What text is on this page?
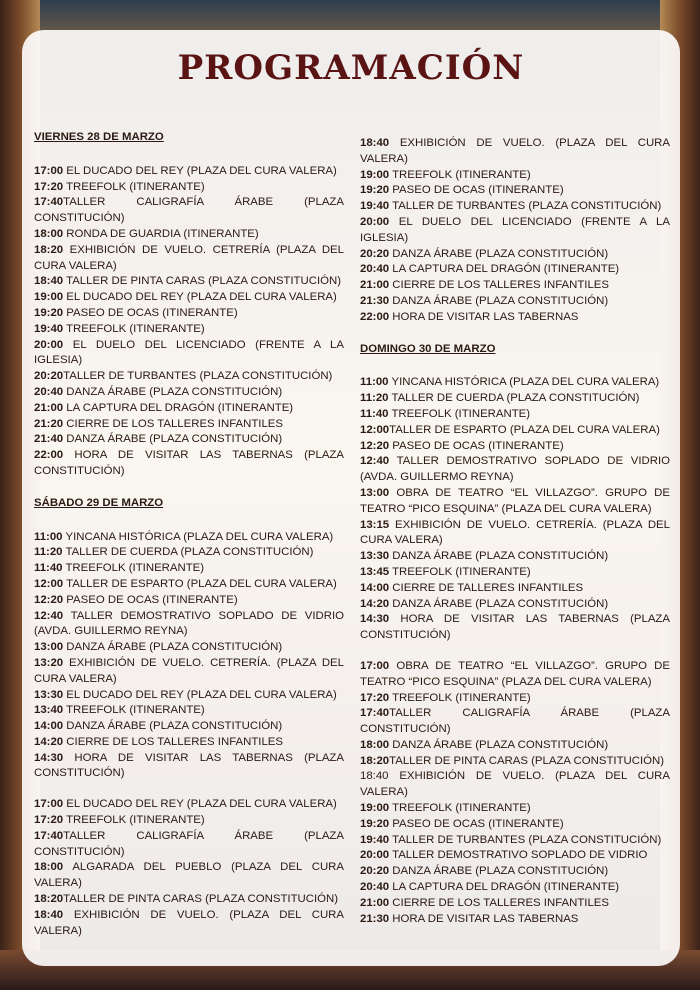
PROGRAMACIÓN
VIERNES 28 DE MARZO

17:00 EL DUCADO DEL REY (PLAZA DEL CURA VALERA)

17:20 TREEFOLK (ITINERANTE)

17:40TALLER CALIGRAFÍA ÁRABE (PLAZA CONSTITUCIÓN)

18:00 RONDA DE GUARDIA (ITINERANTE)

18:20 EXHIBICIÓN DE VUELO. CETRERÍA (PLAZA DEL CURA VALERA)

18:40 TALLER DE PINTA CARAS (PLAZA CONSTITUCIÓN)

19:00 EL DUCADO DEL REY (PLAZA DEL CURA VALERA)

19:20 PASEO DE OCAS (ITINERANTE)

19:40 TREEFOLK (ITINERANTE)

20:00 EL DUELO DEL LICENCIADO (FRENTE A LA IGLESIA)

20:20TALLER DE TURBANTES (PLAZA CONSTITUCIÓN)

20:40 DANZA ÁRABE (PLAZA CONSTITUCIÓN)

21:00 LA CAPTURA DEL DRAGÓN (ITINERANTE)

21:20 CIERRE DE LOS TALLERES INFANTILES

21:40 DANZA ÁRABE (PLAZA CONSTITUCIÓN)

22:00 HORA DE VISITAR LAS TABERNAS (PLAZA CONSTITUCIÓN)

SÁBADO 29 DE MARZO

11:00 YINCANA HISTÓRICA (PLAZA DEL CURA VALERA)

11:20 TALLER DE CUERDA (PLAZA CONSTITUCIÓN)

11:40 TREEFOLK (ITINERANTE)

12:00 TALLER DE ESPARTO (PLAZA DEL CURA VALERA)

12:20 PASEO DE OCAS (ITINERANTE)

12:40 TALLER DEMOSTRATIVO SOPLADO DE VIDRIO (AVDA. GUILLERMO REYNA)

13:00 DANZA ÁRABE (PLAZA CONSTITUCIÓN)

13:20 EXHIBICIÓN DE VUELO. CETRERÍA. (PLAZA DEL CURA VALERA)

13:30 EL DUCADO DEL REY (PLAZA DEL CURA VALERA)

13:40 TREEFOLK (ITINERANTE)

14:00 DANZA ÁRABE (PLAZA CONSTITUCIÓN)

14:20 CIERRE DE LOS TALLERES INFANTILES

14:30 HORA DE VISITAR LAS TABERNAS (PLAZA CONSTITUCIÓN)

17:00 EL DUCADO DEL REY (PLAZA DEL CURA VALERA)

17:20 TREEFOLK (ITINERANTE)

17:40TALLER CALIGRAFÍA ÁRABE (PLAZA CONSTITUCIÓN)

18:00 ALGARADA DEL PUEBLO (PLAZA DEL CURA VALERA)

18:20TALLER DE PINTA CARAS (PLAZA CONSTITUCIÓN)

18:40 EXHIBICIÓN DE VUELO. (PLAZA DEL CURA VALERA)

18:40 EXHIBICIÓN DE VUELO. (PLAZA DEL CURA VALERA)

19:00 TREEFOLK (ITINERANTE)

19:20 PASEO DE OCAS (ITINERANTE)

19:40 TALLER DE TURBANTES (PLAZA CONSTITUCIÓN)

20:00 EL DUELO DEL LICENCIADO (FRENTE A LA IGLESIA)

20:20 DANZA ÁRABE (PLAZA CONSTITUCIÓN)

20:40 LA CAPTURA DEL DRAGÓN (ITINERANTE)

21:00 CIERRE DE LOS TALLERES INFANTILES

21:30 DANZA ÁRABE (PLAZA CONSTITUCIÓN)

22:00 HORA DE VISITAR LAS TABERNAS

DOMINGO 30 DE MARZO

11:00 YINCANA HISTÓRICA (PLAZA DEL CURA VALERA)

11:20 TALLER DE CUERDA (PLAZA CONSTITUCIÓN)

11:40 TREEFOLK (ITINERANTE)

12:00TALLER DE ESPARTO (PLAZA DEL CURA VALERA)

12:20 PASEO DE OCAS (ITINERANTE)

12:40 TALLER DEMOSTRATIVO SOPLADO DE VIDRIO (AVDA. GUILLERMO REYNA)

13:00 OBRA DE TEATRO “EL VILLAZGO”. GRUPO DE TEATRO “PICO ESQUINA” (PLAZA DEL CURA VALERA)

13:15 EXHIBICIÓN DE VUELO. CETRERÍA. (PLAZA DEL CURA VALERA)

13:30 DANZA ÁRABE (PLAZA CONSTITUCIÓN)

13:45 TREEFOLK (ITINERANTE)

14:00 CIERRE DE TALLERES INFANTILES

14:20 DANZA ÁRABE (PLAZA CONSTITUCIÓN)

14:30 HORA DE VISITAR LAS TABERNAS (PLAZA CONSTITUCIÓN)

17:00 OBRA DE TEATRO “EL VILLAZGO”. GRUPO DE TEATRO “PICO ESQUINA” (PLAZA DEL CURA VALERA)

17:20 TREEFOLK (ITINERANTE)

17:40TALLER CALIGRAFÍA ÁRABE (PLAZA CONSTITUCIÓN)

18:00 DANZA ÁRABE (PLAZA CONSTITUCIÓN)

18:20TALLER DE PINTA CARAS (PLAZA CONSTITUCIÓN)

18:40 EXHIBICIÓN DE VUELO. (PLAZA DEL CURA VALERA)

19:00 TREEFOLK (ITINERANTE)

19:20 PASEO DE OCAS (ITINERANTE)

19:40 TALLER DE TURBANTES (PLAZA CONSTITUCIÓN)

20:00 TALLER DEMOSTRATIVO SOPLADO DE VIDRIO

20:20 DANZA ÁRABE (PLAZA CONSTITUCIÓN)

20:40 LA CAPTURA DEL DRAGÓN (ITINERANTE)

21:00 CIERRE DE LOS TALLERES INFANTILES

21:30 HORA DE VISITAR LAS TABERNAS
